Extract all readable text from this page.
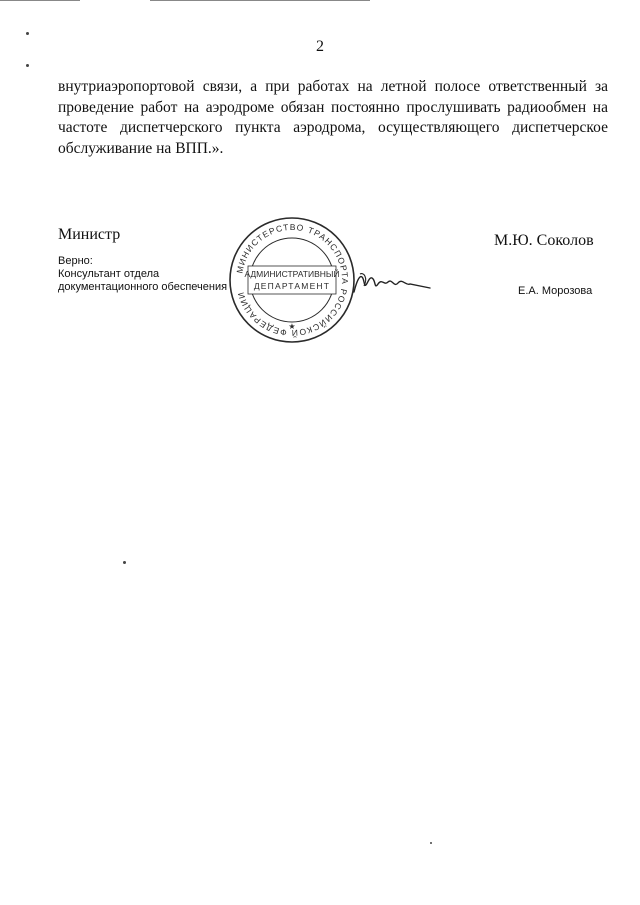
2

внутриаэропортовой связи, а при работах на летной полосе ответственный за проведение работ на аэродроме обязан постоянно прослушивать радиообмен на частоте диспетчерского пункта аэродрома, осуществляющего диспетчерское обслуживание на ВПП.».

Министр	М.Ю. Соколов
Верно:
Консультант отдела документационного обеспечения	Е.А. Морозова
МИНИСТЕРСТВО ТРАНСПОРТА РОССИЙСКОЙ ФЕДЕРАЦИИ
АДМИНИСТРАТИВНЫЙ
ДЕПАРТАМЕНТ
★
